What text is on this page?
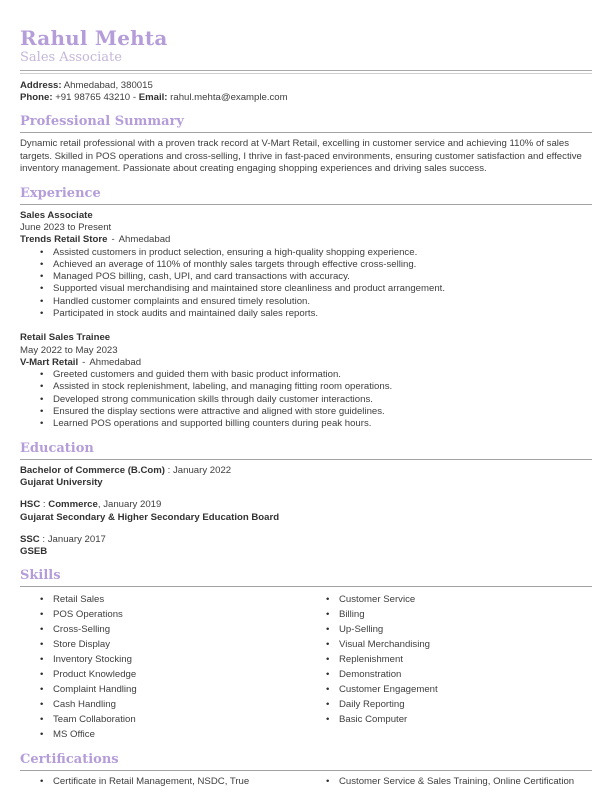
Rahul Mehta
Sales Associate
Address: Ahmedabad, 380015
Phone: +91 98765 43210 - Email: rahul.mehta@example.com
Professional Summary

Dynamic retail professional with a proven track record at V-Mart Retail, excelling in customer service and achieving 110% of sales targets. Skilled in POS operations and cross-selling, I thrive in fast-paced environments, ensuring customer satisfaction and effective inventory management. Passionate about creating engaging shopping experiences and driving sales success.

Experience
Sales Associate
June 2023 to Present
Trends Retail Store - Ahmedabad
• Assisted customers in product selection, ensuring a high-quality shopping experience.
• Achieved an average of 110% of monthly sales targets through effective cross-selling.
• Managed POS billing, cash, UPI, and card transactions with accuracy.
• Supported visual merchandising and maintained store cleanliness and product arrangement.
• Handled customer complaints and ensured timely resolution.
• Participated in stock audits and maintained daily sales reports.
Retail Sales Trainee
May 2022 to May 2023
V-Mart Retail - Ahmedabad
• Greeted customers and guided them with basic product information.
• Assisted in stock replenishment, labeling, and managing fitting room operations.
• Developed strong communication skills through daily customer interactions.
• Ensured the display sections were attractive and aligned with store guidelines.
• Learned POS operations and supported billing counters during peak hours.
Education
Bachelor of Commerce (B.Com) : January 2022
Gujarat University
HSC : Commerce, January 2019
Gujarat Secondary & Higher Secondary Education Board
SSC : January 2017
GSEB
Skills
• Retail Sales
• POS Operations
• Cross-Selling
• Store Display
• Inventory Stocking
• Product Knowledge
• Complaint Handling
• Cash Handling
• Team Collaboration
• MS Office
• Customer Service
• Billing
• Up-Selling
• Visual Merchandising
• Replenishment
• Demonstration
• Customer Engagement
• Daily Reporting
• Basic Computer
Certifications
• Certificate in Retail Management, NSDC, True	• Customer Service & Sales Training, Online Certification
